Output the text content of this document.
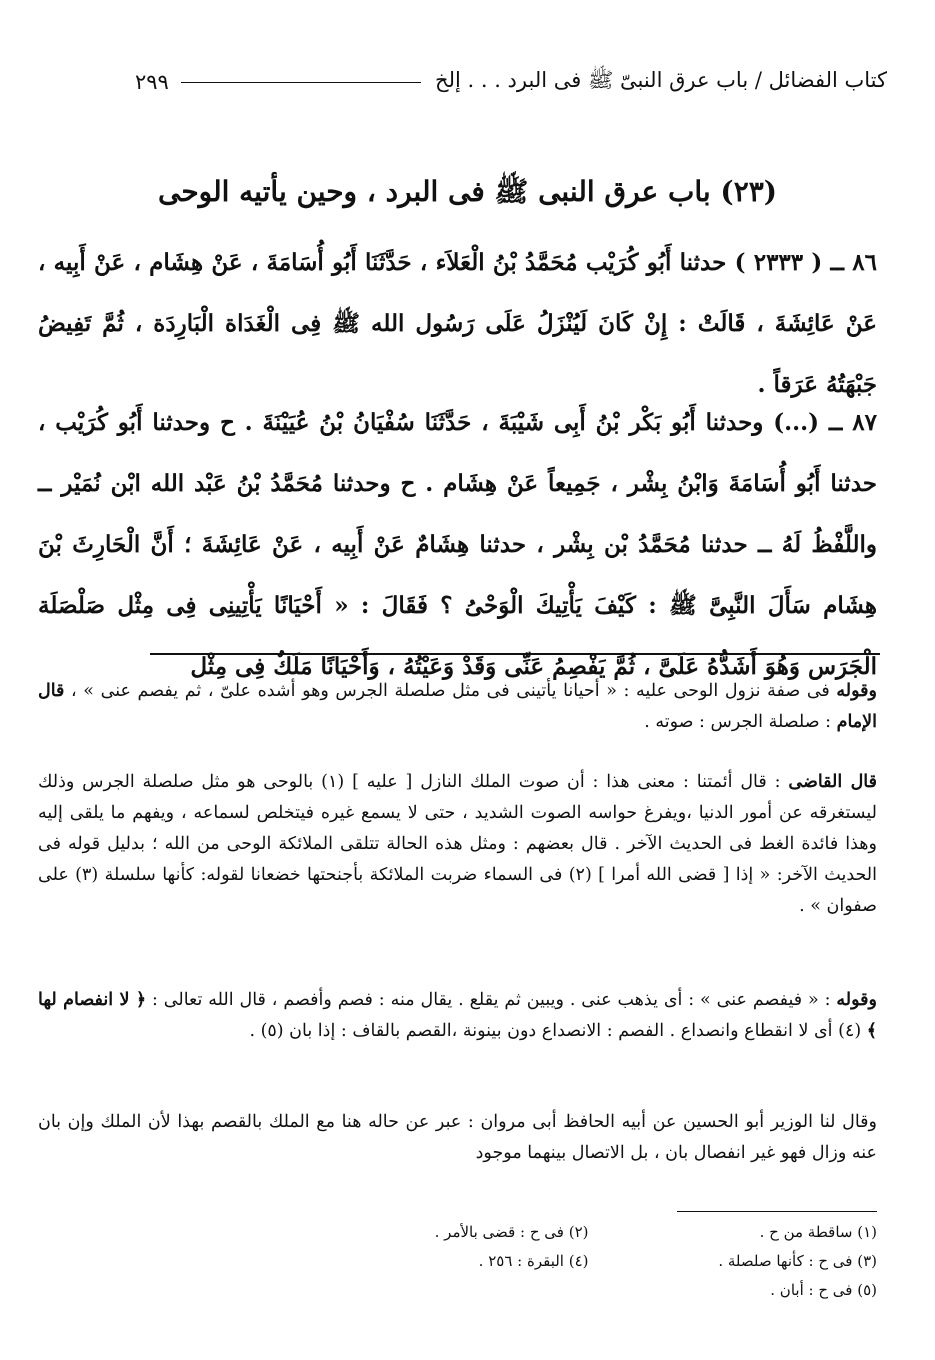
كتاب الفضائل / باب عرق النبىّ ﷺ فى البرد . . . إلخ
٢٩٩
(٢٣) باب عرق النبى ﷺ فى البرد ، وحين يأتيه الوحى

٨٦ ــ ( ٢٣٣٣ ) حدثنا أَبُو كُرَيْب مُحَمَّدُ بْنُ الْعَلاَء ، حَدَّثَنَا أَبُو أُسَامَةَ ، عَنْ هِشَام ، عَنْ أَبِيه ، عَنْ عَائِشَةَ ، قَالَتْ : إِنْ كَانَ لَيُنْزَلُ عَلَى رَسُول الله ﷺ فِى الْغَدَاة الْبَارِدَة ، ثُمَّ تَفِيضُ جَبْهَتُهُ عَرَقاً .

٨٧ ــ (...) وحدثنا أَبُو بَكْر بْنُ أَبِى شَيْبَةَ ، حَدَّثَنَا سُفْيَانُ بْنُ عُيَيْنَةَ . ح وحدثنا أَبُو كُرَيْب ، حدثنا أَبُو أُسَامَةَ وَابْنُ بِشْر ، جَمِيعاً عَنْ هِشَام . ح وحدثنا مُحَمَّدُ بْنُ عَبْد الله ابْن نُمَيْر ــ واللَّفْظُ لَهُ ــ حدثنا مُحَمَّدُ بْن بِشْر ، حدثنا هِشَامٌ عَنْ أَبِيه ، عَنْ عَائِشَةَ ؛ أَنَّ الْحَارِثَ بْنَ هِشَام سَأَلَ النَّبِىَّ ﷺ : كَيْفَ يَأْتِيكَ الْوَحْىُ ؟ فَقَالَ : « أَحْيَانًا يَأْتِينِى فِى مِثْل صَلْصَلَة الْجَرَس وَهُوَ أَشَدُّهُ عَلَىَّ ، ثُمَّ يَفْصِمُ عَنِّى وَقَدْ وَعَيْتُهُ ، وَأَحْيَانًا مَلَكٌ فِى مِثْل

وقوله فى صفة نزول الوحى عليه : « أحيانا يأتينى فى مثل صلصلة الجرس وهو أشده علىّ ، ثم يفصم عنى » ، قال الإمام : صلصلة الجرس : صوته .

قال القاضى : قال أئمتنا : معنى هذا : أن صوت الملك النازل [ عليه ] (١) بالوحى هو مثل صلصلة الجرس وذلك ليستغرقه عن أمور الدنيا ،ويفرغ حواسه الصوت الشديد ، حتى لا يسمع غيره فيتخلص لسماعه ، ويفهم ما يلقى إليه وهذا فائدة الغط فى الحديث الآخر . قال بعضهم : ومثل هذه الحالة تتلقى الملائكة الوحى من الله ؛ بدليل قوله فى الحديث الآخر: « إذا [ قضى الله أمرا ] (٢) فى السماء ضربت الملائكة بأجنحتها خضعانا لقوله: كأنها سلسلة (٣) على صفوان » .

وقوله : « فيفصم عنى » : أى يذهب عنى . ويبين ثم يقلع . يقال منه : فصم وأفصم ، قال الله تعالى : ﴿ لا انفصام لها ﴾ (٤) أى لا انقطاع وانصداع . الفصم : الانصداع دون بينونة ،القصم بالقاف : إذا بان (٥) .

وقال لنا الوزير أبو الحسين عن أبيه الحافظ أبى مروان : عبر عن حاله هنا مع الملك بالقصم بهذا لأن الملك وإن بان عنه وزال فهو غير انفصال بان ، بل الاتصال بينهما موجود

(١) ساقطة من ح .
(٢) فى ح : قضى بالأمر .
(٣) فى ح : كأنها صلصلة .
(٤) البقرة : ٢٥٦ .
(٥) فى ح : أبان .
